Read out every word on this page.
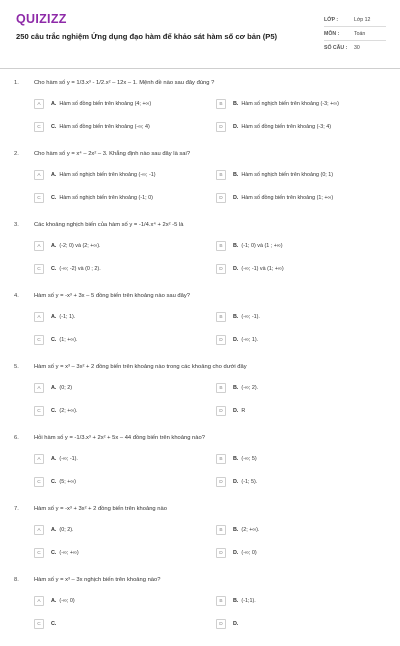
QUIZIZZ
250 câu trắc nghiệm Ứng dụng đạo hàm để khảo sát hàm số cơ bản (P5)
LỚP :	Lớp 12
MÔN :	Toán
SỐ CÂU :	30
1.	Cho hàm số y = 1/3.x³ - 1/2.x² – 12x – 1. Mệnh đề nào sau đây đúng ?
A	A. Hàm số đồng biến trên khoảng (4; +∞)	B	B. Hàm số nghịch biến trên khoảng (-3; +∞)
C	C. Hàm số đồng biến trên khoảng (-∞; 4)	D	D. Hàm số đồng biến trên khoảng (-3; 4)
2.	Cho hàm số y = x⁴ – 2x² – 3. Khẳng định nào sau đây là sai?
A	A. Hàm số nghịch biến trên khoảng (-∞; -1)	B	B. Hàm số nghịch biến trên khoảng (0; 1)
C	C. Hàm số nghịch biến trên khoảng (-1; 0)	D	D. Hàm số đồng biến trên khoảng (1; +∞)
3.	Các khoảng nghịch biến của hàm số y = -1/4.x⁴ + 2x² -5 là
A	A. (-2; 0) và (2; +∞).	B	B. (-1; 0) và (1 ; +∞)
C	C. (-∞; -2) và (0 ; 2).	D	D. (-∞; -1) và (1; +∞)
4.	Hàm số y = -x³ + 3x – 5 đồng biến trên khoảng nào sau đây?
A	A. (-1; 1).	B	B. (-∞; -1).
C	C. (1; +∞).	D	D. (-∞; 1).
5.	Hàm số y = x³ – 3x² + 2 đồng biến trên khoảng nào trong các khoảng cho dưới đây
A	A. (0; 2)	B	B. (-∞; 2).
C	C. (2; +∞).	D	D. R
6.	Hỏi hàm số y = -1/3.x³ + 2x² + 5x – 44 đồng biến trên khoảng nào?
A	A. (-∞; -1).	B	B. (-∞; 5)
C	C. (5; +∞)	D	D. (-1; 5).
7.	Hàm số y = -x³ + 3x² + 2 đồng biến trên khoảng nào
A	A. (0; 2).	B	B. (2; +∞).
C	C. (-∞; +∞)	D	D. (-∞; 0)
8.	Hàm số y = x³ – 3x nghịch biến trên khoảng nào?
A	A. (-∞; 0)	B	B. (-1;1).
C	C.	D	D.
